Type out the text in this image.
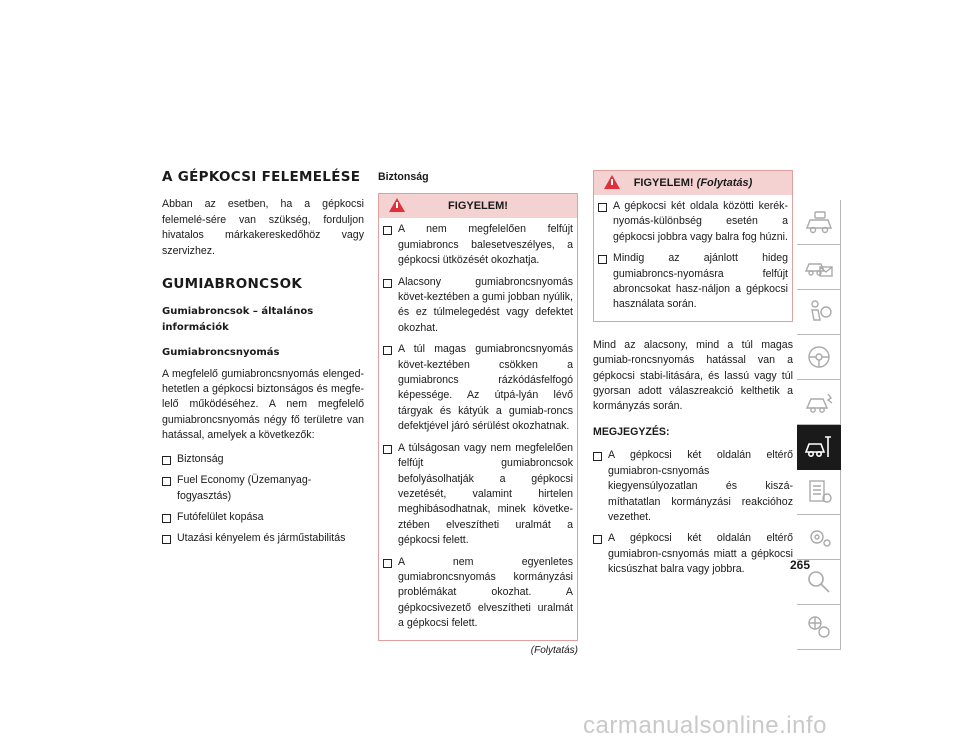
A GÉPKOCSI FELEMELÉSE

Abban az esetben, ha a gépkocsi felemelé-sére van szükség, forduljon hivatalos márkakereskedőhöz vagy szervizhez.

GUMIABRONCSOK
Gumiabroncsok – általános információk
Gumiabroncsnyomás

A megfelelő gumiabroncsnyomás elenged-hetetlen a gépkocsi biztonságos és megfe-lelő működéséhez. A nem megfelelő gumiabroncsnyomás négy fő területre van hatással, amelyek a következők:

Biztonság
Fuel Economy (Üzemanyag-fogyasztás)
Futófelület kopása
Utazási kényelem és járműstabilitás
Biztonság
FIGYELEM!
A nem megfelelően felfújt gumiabroncs balesetveszélyes, a gépkocsi ütközését okozhatja.
Alacsony gumiabroncsnyomás követ-keztében a gumi jobban nyúlik, és ez túlmelegedést vagy defektet okozhat.
A túl magas gumiabroncsnyomás követ-keztében csökken a gumiabroncs rázkódásfelfogó képessége. Az útpá-lyán lévő tárgyak és kátyúk a gumiab-roncs defektjével járó sérülést okozhatnak.
A túlságosan vagy nem megfelelően felfújt gumiabroncsok befolyásolhatják a gépkocsi vezetését, valamint hirtelen meghibásodhatnak, minek követke-ztében elveszítheti uralmát a gépkocsi felett.
A nem egyenletes gumiabroncsnyomás kormányzási problémákat okozhat. A gépkocsivezető elveszítheti uralmát a gépkocsi felett.
(Folytatás)
FIGYELEM! (Folytatás)
A gépkocsi két oldala közötti kerék-nyomás-különbség esetén a gépkocsi jobbra vagy balra fog húzni.
Mindig az ajánlott hideg gumiabroncs-nyomásra felfújt abroncsokat hasz-náljon a gépkocsi használata során.

Mind az alacsony, mind a túl magas gumiab-roncsnyomás hatással van a gépkocsi stabi-litására, és lassú vagy túl gyorsan adott válaszreakció kelthetik a kormányzás során.

MEGJEGYZÉS:
A gépkocsi két oldalán eltérő gumiabron-csnyomás kiegyensúlyozatlan és kiszá-míthatatlan kormányzási reakcióhoz vezethet.
A gépkocsi két oldalán eltérő gumiabron-csnyomás miatt a gépkocsi kicsúszhat balra vagy jobbra.	265
carmanualsonline.info
